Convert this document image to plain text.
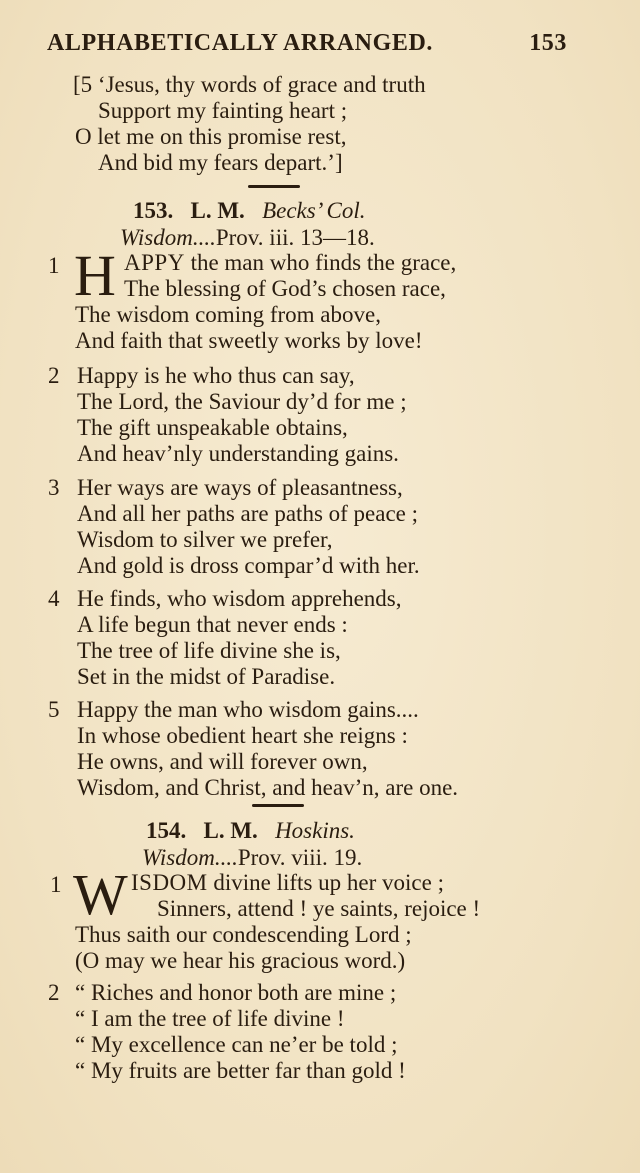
ALPHABETICALLY ARRANGED.	153
[5 ‘Jesus, thy words of grace and truth
Support my fainting heart ;
O let me on this promise rest,
And bid my fears depart.’]
153. L. M. Becks’ Col.
Wisdom....Prov. iii. 13—18.
1 H APPY the man who finds the grace,
The blessing of God’s chosen race,
The wisdom coming from above,
And faith that sweetly works by love!
2 Happy is he who thus can say,
The Lord, the Saviour dy’d for me ;
The gift unspeakable obtains,
And heav’nly understanding gains.
3 Her ways are ways of pleasantness,
And all her paths are paths of peace ;
Wisdom to silver we prefer,
And gold is dross compar’d with her.
4 He finds, who wisdom apprehends,
A life begun that never ends :
The tree of life divine she is,
Set in the midst of Paradise.
5 Happy the man who wisdom gains....
In whose obedient heart she reigns :
He owns, and will forever own,
Wisdom, and Christ, and heav’n, are one.
154. L. M. Hoskins.
Wisdom....Prov. viii. 19.
1 W ISDOM divine lifts up her voice ;
Sinners, attend ! ye saints, rejoice !
Thus saith our condescending Lord ;
(O may we hear his gracious word.)
2 “ Riches and honor both are mine ;
“ I am the tree of life divine !
“ My excellence can ne’er be told ;
“ My fruits are better far than gold !
